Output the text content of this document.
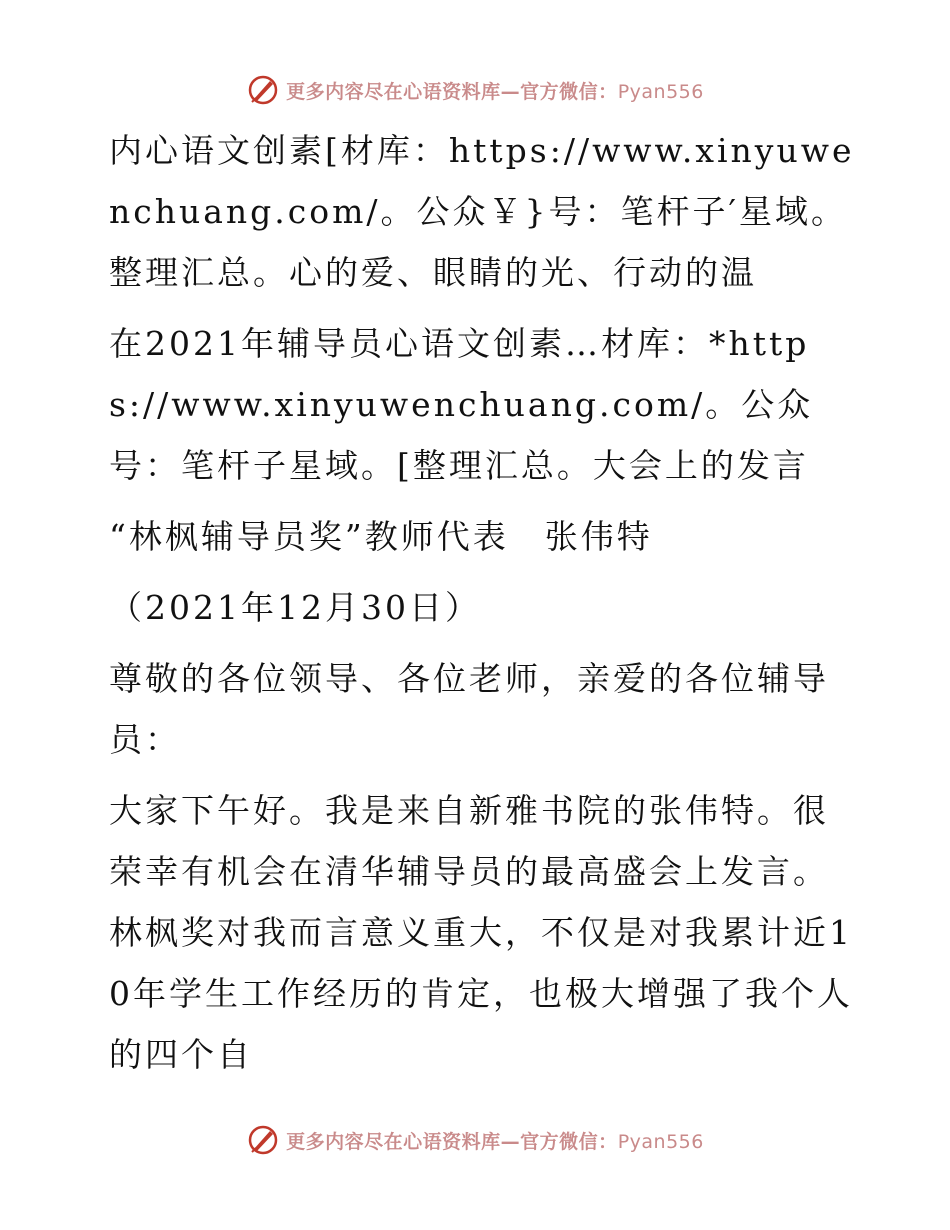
更多内容尽在心语资料库—官方微信：Pyan556

内心语文创素[材库：https://www.xinyuwenchuang.com/。公众￥}号：笔杆子′星域。整理汇总。心的爱、眼睛的光、行动的温

在2021年辅导员心语文创素…材库：*https://www.xinyuwenchuang.com/。公众号：笔杆子星域。[整理汇总。大会上的发言

“林枫辅导员奖”教师代表　张伟特

（2021年12月30日）

尊敬的各位领导、各位老师，亲爱的各位辅导员：

大家下午好。我是来自新雅书院的张伟特。很荣幸有机会在清华辅导员的最高盛会上发言。林枫奖对我而言意义重大，不仅是对我累计近10年学生工作经历的肯定，也极大增强了我个人的四个自

更多内容尽在心语资料库—官方微信：Pyan556
